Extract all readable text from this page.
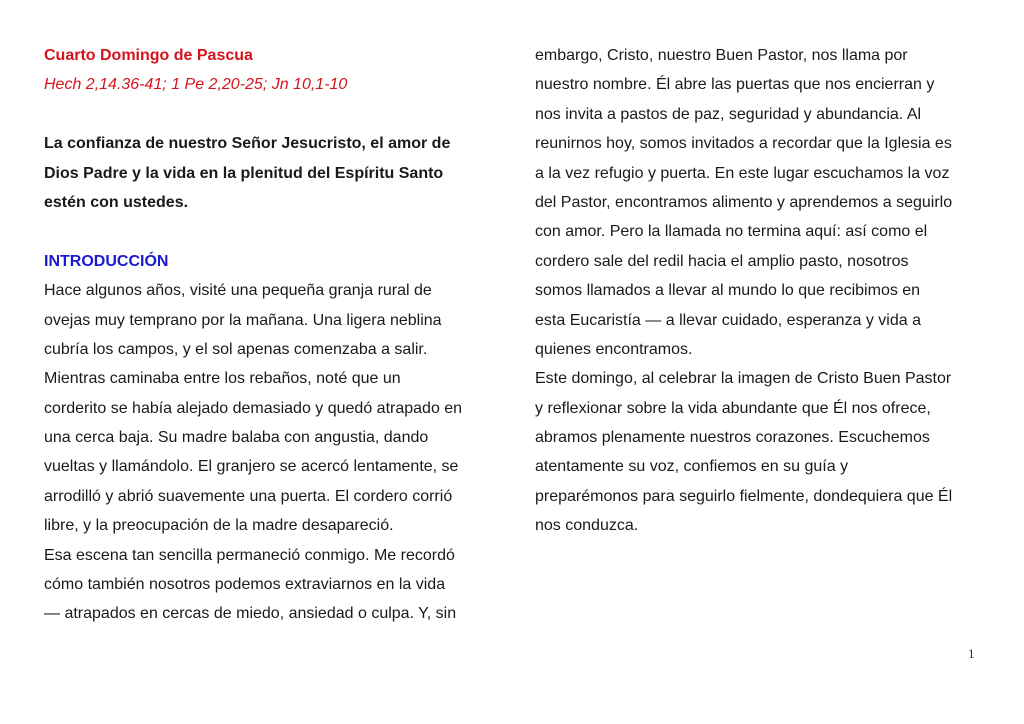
Cuarto Domingo de Pascua
Hech 2,14.36-41; 1 Pe 2,20-25; Jn 10,1-10
La confianza de nuestro Señor Jesucristo, el amor de
Dios Padre y la vida en la plenitud del Espíritu Santo
estén con ustedes.
INTRODUCCIÓN
Hace algunos años, visité una pequeña granja rural de
ovejas muy temprano por la mañana. Una ligera neblina
cubría los campos, y el sol apenas comenzaba a salir.
Mientras caminaba entre los rebaños, noté que un
corderito se había alejado demasiado y quedó atrapado en
una cerca baja. Su madre balaba con angustia, dando
vueltas y llamándolo. El granjero se acercó lentamente, se
arrodilló y abrió suavemente una puerta. El cordero corrió
libre, y la preocupación de la madre desapareció.
Esa escena tan sencilla permaneció conmigo. Me recordó
cómo también nosotros podemos extraviarnos en la vida
— atrapados en cercas de miedo, ansiedad o culpa. Y, sin
embargo, Cristo, nuestro Buen Pastor, nos llama por
nuestro nombre. Él abre las puertas que nos encierran y
nos invita a pastos de paz, seguridad y abundancia. Al
reunirnos hoy, somos invitados a recordar que la Iglesia es
a la vez refugio y puerta. En este lugar escuchamos la voz
del Pastor, encontramos alimento y aprendemos a seguirlo
con amor. Pero la llamada no termina aquí: así como el
cordero sale del redil hacia el amplio pasto, nosotros
somos llamados a llevar al mundo lo que recibimos en
esta Eucaristía — a llevar cuidado, esperanza y vida a
quienes encontramos.
Este domingo, al celebrar la imagen de Cristo Buen Pastor
y reflexionar sobre la vida abundante que Él nos ofrece,
abramos plenamente nuestros corazones. Escuchemos
atentamente su voz, confiemos en su guía y
preparémonos para seguirlo fielmente, dondequiera que Él
nos conduzca.
1
